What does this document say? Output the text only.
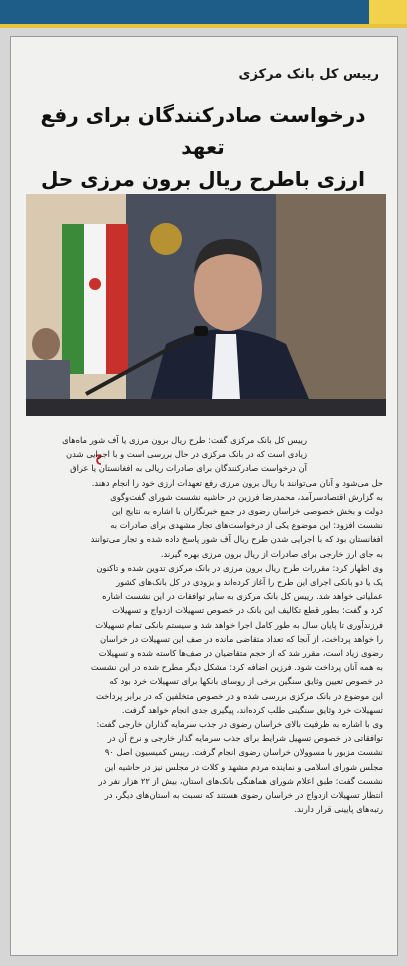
رییس کل بانک مرکزی
درخواست صادرکنندگان برای رفع تعهد
ارزی باطرح ریال برون مرزی حل
ح
رییس کل بانک مرکزی گفت: طرح ریال برون مرزی یا آف شور ماه‌های
زیادی است که در بانک مرکزی در حال بررسی است و با اجرایی شدن
آن درخواست صادرکنندگان برای صادرات ریالی به افغانستان یا عراق
حل می‌شود و آنان می‌توانند با ریال برون مرزی رفع تعهدات ارزی خود را انجام دهند.
به گزارش اقتصادسرآمد، محمدرضا فرزین در حاشیه نشست شورای گفت‌وگوی
دولت و بخش خصوصی خراسان رضوی در جمع خبرنگاران با اشاره به نتایج این
نشست افزود: این موضوع یکی از درخواست‌های تجار مشهدی برای صادرات به
افغانستان بود که با اجرایی شدن طرح ریال آف شور پاسخ داده شده و تجار می‌توانند
به جای ارز خارجی برای صادرات از ریال برون مرزی بهره گیرند.
وی اظهار کرد: مقررات طرح ریال برون مرزی در بانک مرکزی تدوین شده و تاکنون
یک یا دو بانکی اجرای این طرح را آغاز کرده‌اند و بزودی در کل بانک‌های کشور
عملیاتی خواهد شد. رییس کل بانک مرکزی به سایر توافقات در این نشست اشاره
کرد و گفت: بطور قطع تکالیف این بانک در خصوص تسهیلات ازدواج و تسهیلات
فرزندآوری تا پایان سال به طور کامل اجرا خواهد شد و سیستم بانکی تمام تسهیلات
را خواهد پرداخت، از آنجا که تعداد متقاضی مانده در صف این تسهیلات در خراسان
رضوی زیاد است، مقرر شد که از حجم متقاضیان در صف‌ها کاسته شده و تسهیلات
به همه آنان پرداخت شود. فرزین اضافه کرد: مشکل دیگر مطرح شده در این نشست
در خصوص تعیین وثایق سنگین برخی از روسای بانکها برای تسهیلات خرد بود که
این موضوع در بانک مرکزی بررسی شده و در خصوص متخلفین که در برابر پرداخت
تسهیلات خرد وثایق سنگینی طلب کرده‌اند، پیگیری جدی انجام خواهد گرفت.
وی با اشاره به ظرفیت بالای خراسان رضوی در جذب سرمایه گذاران خارجی گفت:
توافقاتی در خصوص تسهیل شرایط برای جذب سرمایه گذار خارجی و نرخ آن در
نشست مزبور با مسوولان خراسان رضوی انجام گرفت. رییس کمیسیون اصل ۹۰
مجلس شورای اسلامی و نماینده مردم مشهد و کلات در مجلس نیز در حاشیه این
نشست گفت: طبق اعلام شورای هماهنگی بانک‌های استان، بیش از ۲۲ هزار نفر در
انتظار تسهیلات ازدواج در خراسان رضوی هستند که نسبت به استان‌های دیگر، در
رتبه‌های پایینی قرار دارند.
